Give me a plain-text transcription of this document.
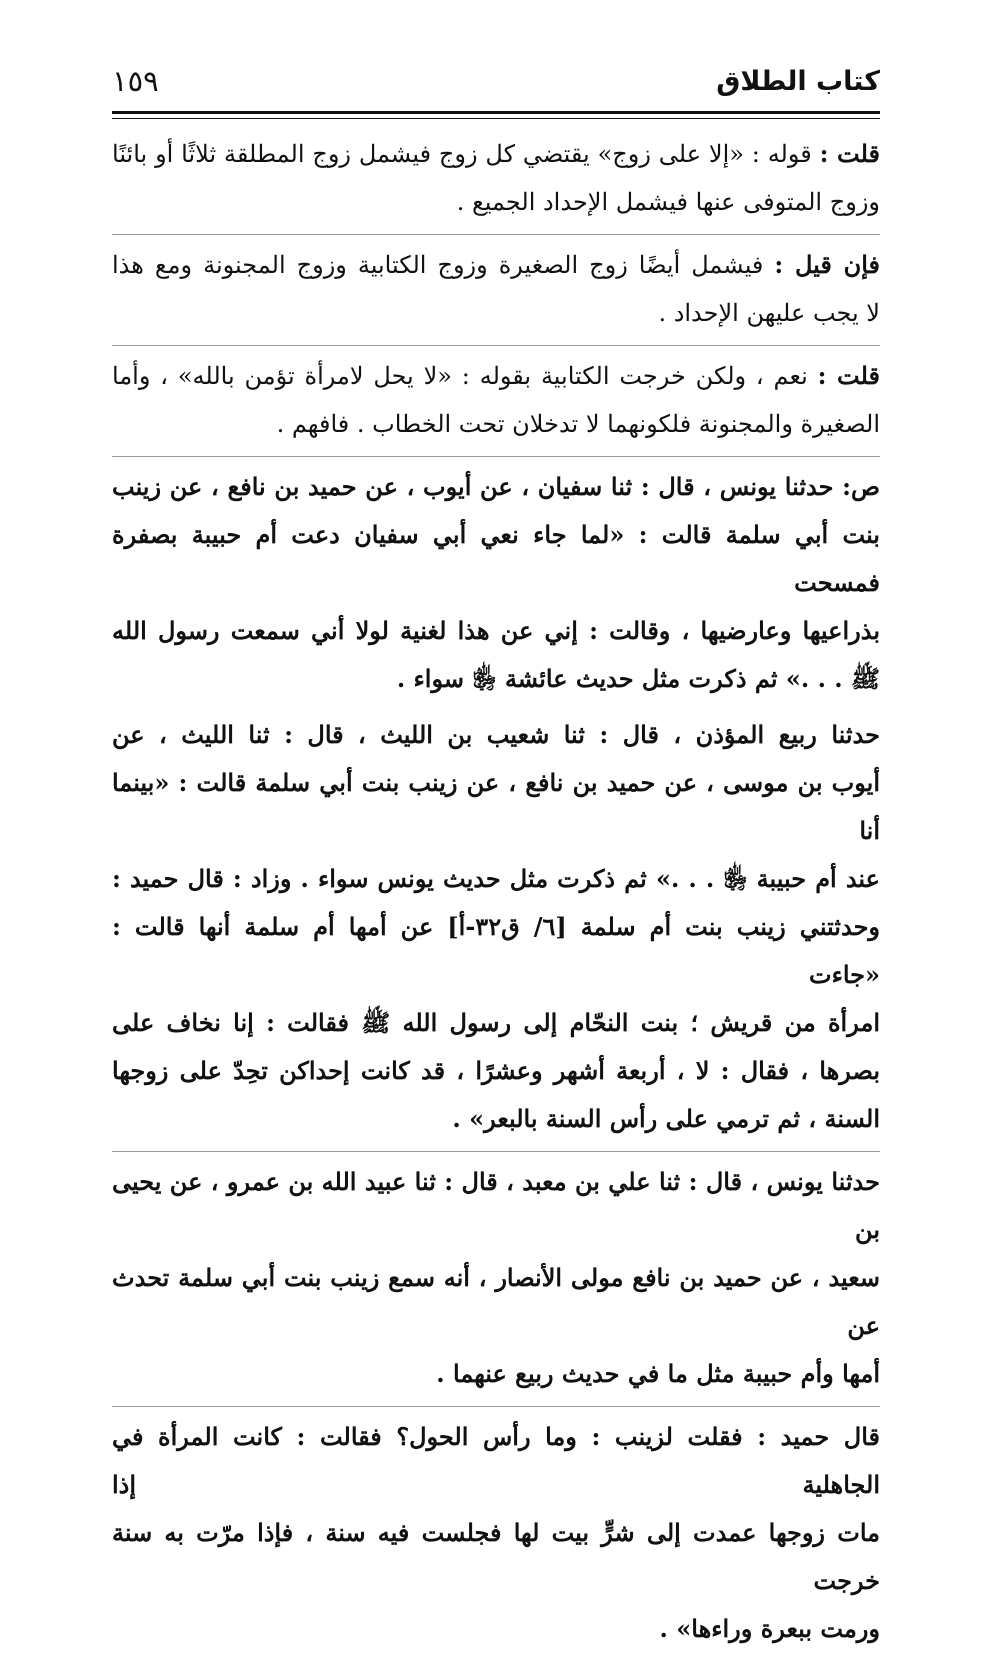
كتاب الطلاق
١٥٩
قلت : قوله : «إلا على زوج» يقتضي كل زوج فيشمل زوج المطلقة ثلاثًا أو بائنًا
وزوج المتوفى عنها فيشمل الإحداد الجميع .
فإن قيل : فيشمل أيضًا زوج الصغيرة وزوج الكتابية وزوج المجنونة ومع هذا
لا يجب عليهن الإحداد .
قلت : نعم ، ولكن خرجت الكتابية بقوله : «لا يحل لامرأة تؤمن بالله» ، وأما
الصغيرة والمجنونة فلكونهما لا تدخلان تحت الخطاب . فافهم .
ص: حدثنا يونس ، قال : ثنا سفيان ، عن أيوب ، عن حميد بن نافع ، عن زينب
بنت أبي سلمة قالت : «لما جاء نعي أبي سفيان دعت أم حبيبة بصفرة فمسحت
بذراعيها وعارضيها ، وقالت : إني عن هذا لغنية لولا أني سمعت رسول الله
ﷺ . . .» ثم ذكرت مثل حديث عائشة ﵂ سواء .
حدثنا ربيع المؤذن ، قال : ثنا شعيب بن الليث ، قال : ثنا الليث ، عن
أيوب بن موسى ، عن حميد بن نافع ، عن زينب بنت أبي سلمة قالت : «بينما أنا
عند أم حبيبة ﵂ . . .» ثم ذكرت مثل حديث يونس سواء . وزاد : قال حميد :
وحدثتني زينب بنت أم سلمة [٦/ ق٣٢-أ] عن أمها أم سلمة أنها قالت : «جاءت
امرأة من قريش ؛ بنت النحّام إلى رسول الله ﷺ فقالت : إنا نخاف على
بصرها ، فقال : لا ، أربعة أشهر وعشرًا ، قد كانت إحداكن تحِدّ على زوجها
السنة ، ثم ترمي على رأس السنة بالبعر» .
حدثنا يونس ، قال : ثنا علي بن معبد ، قال : ثنا عبيد الله بن عمرو ، عن يحيى بن
سعيد ، عن حميد بن نافع مولى الأنصار ، أنه سمع زينب بنت أبي سلمة تحدث عن
أمها وأم حبيبة مثل ما في حديث ربيع عنهما .
قال حميد : فقلت لزينب : وما رأس الحول؟ فقالت : كانت المرأة في الجاهلية إذا
مات زوجها عمدت إلى شرٍّ بيت لها فجلست فيه سنة ، فإذا مرّت به سنة خرجت
ورمت ببعرة وراءها» .
